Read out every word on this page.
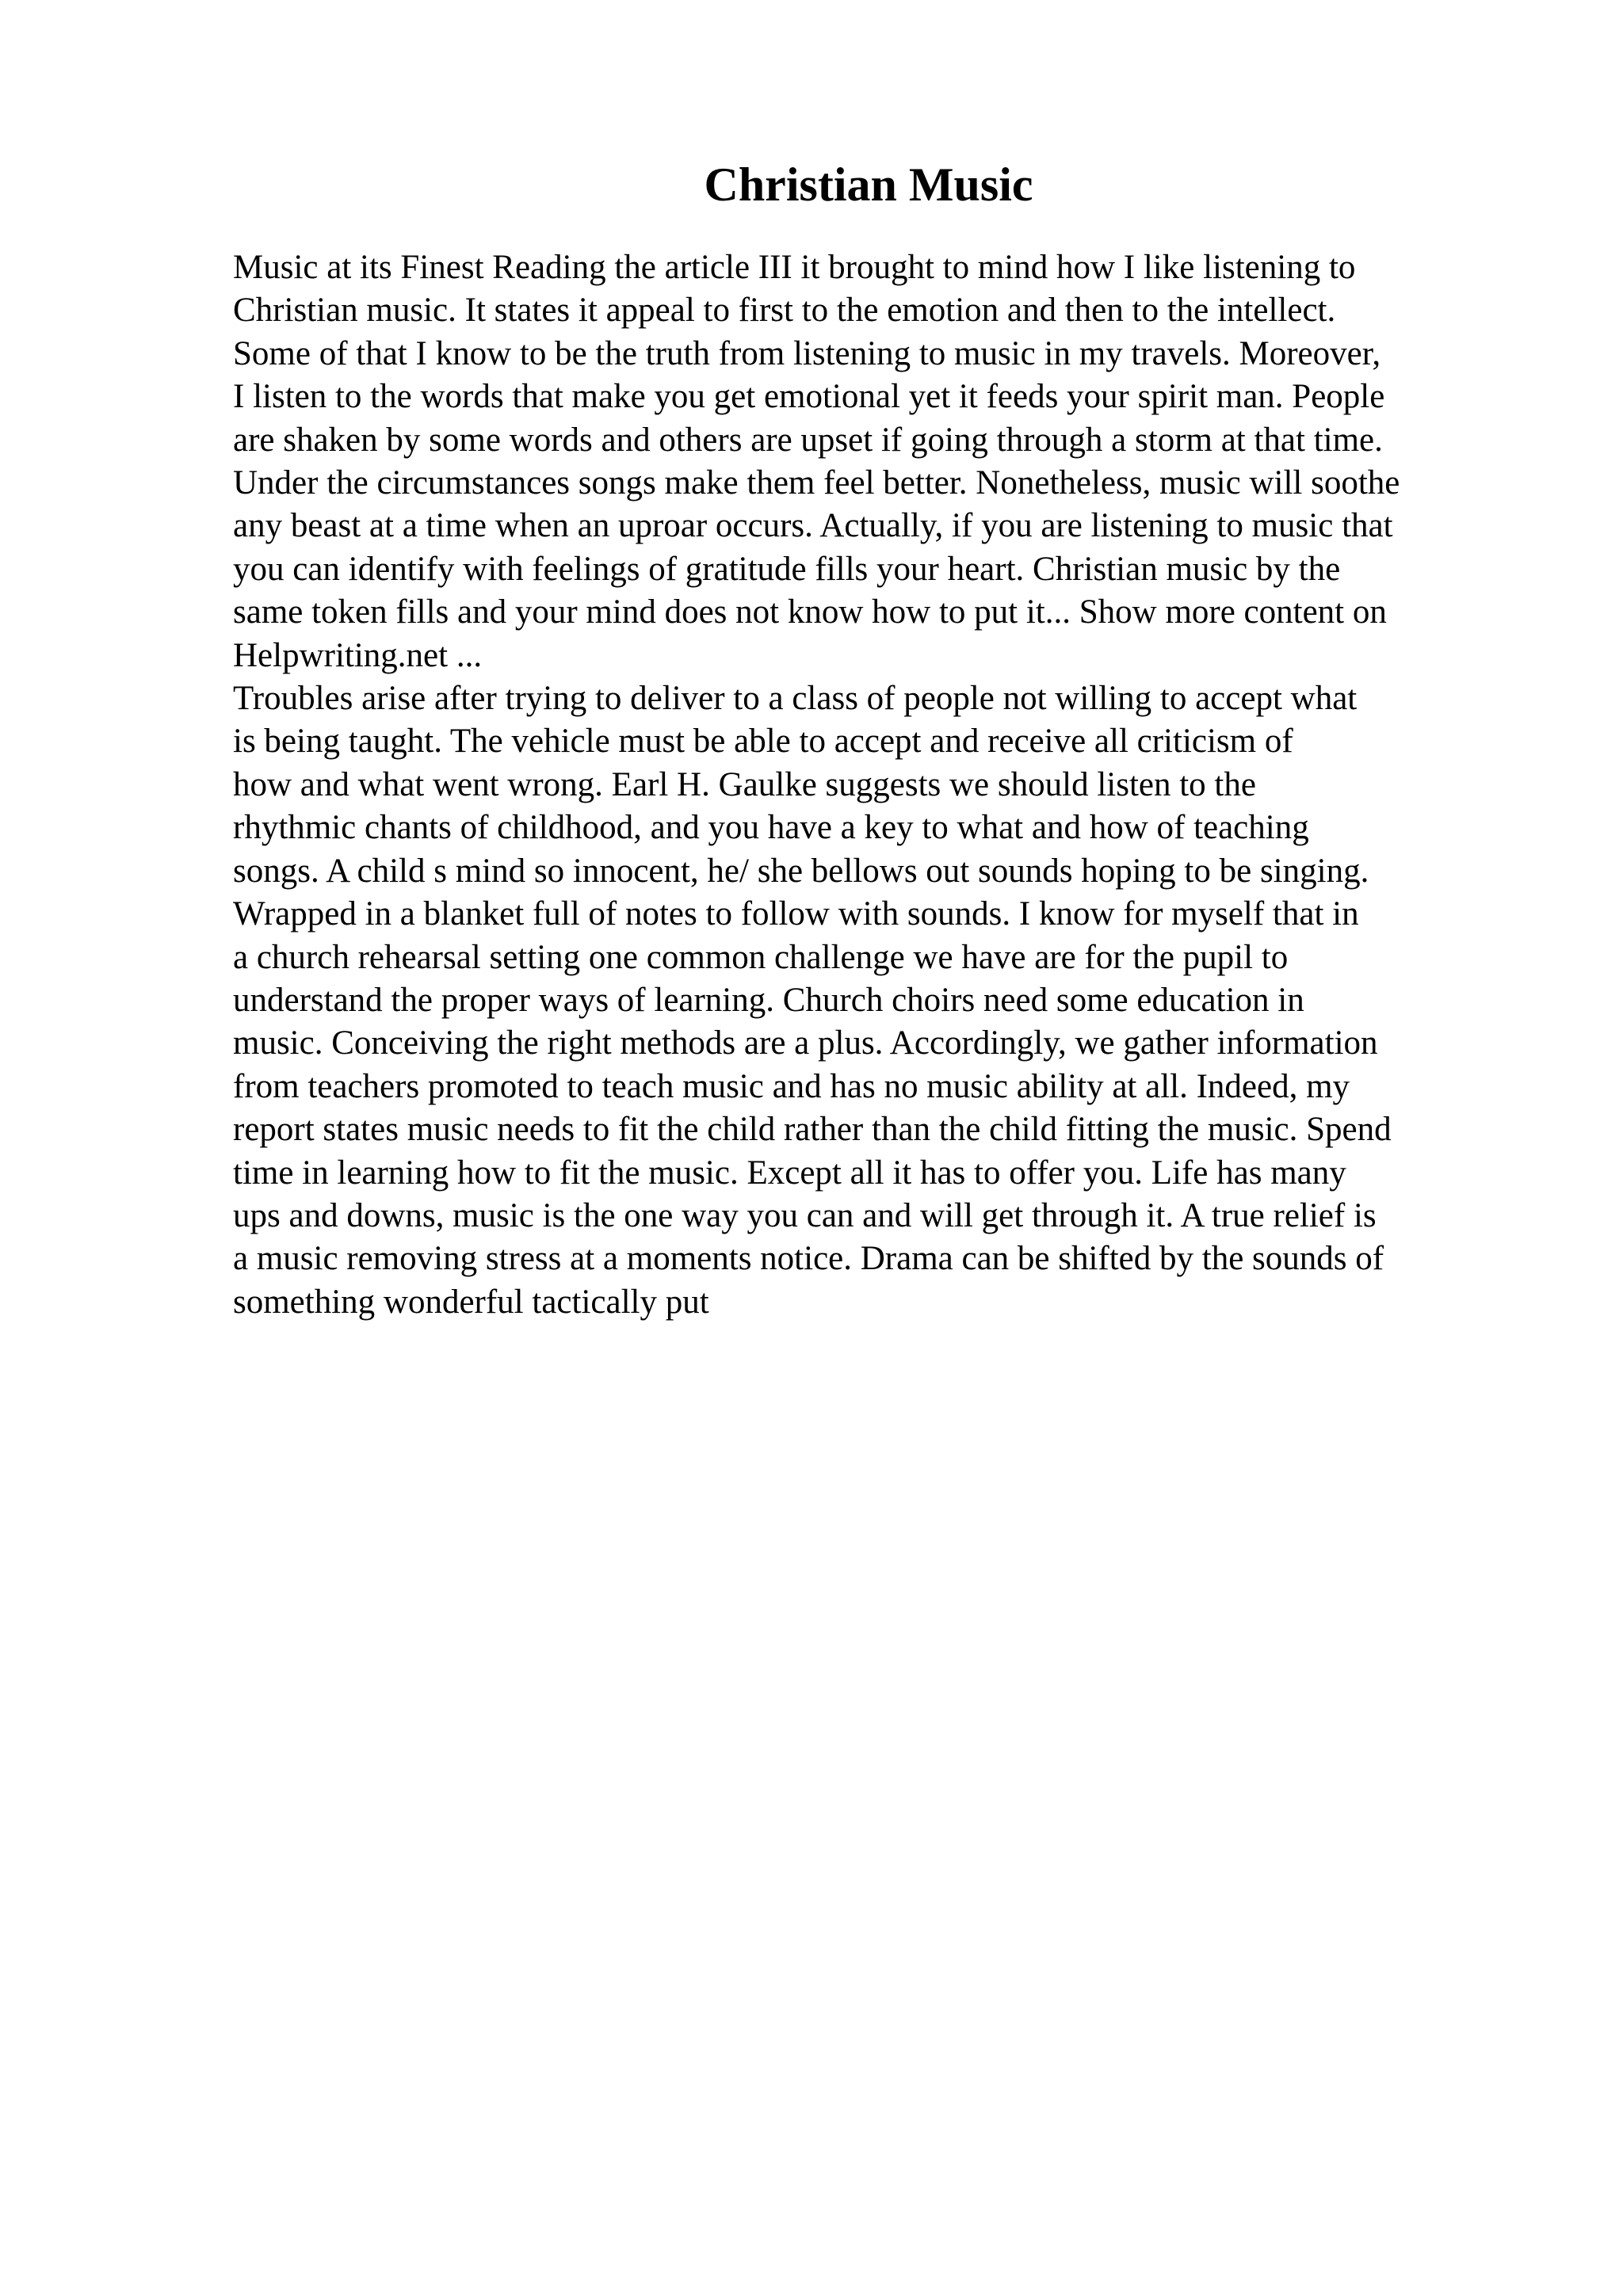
Christian Music
Music at its Finest Reading the article III it brought to mind how I like listening to
Christian music. It states it appeal to first to the emotion and then to the intellect.
Some of that I know to be the truth from listening to music in my travels. Moreover,
I listen to the words that make you get emotional yet it feeds your spirit man. People
are shaken by some words and others are upset if going through a storm at that time.
Under the circumstances songs make them feel better. Nonetheless, music will soothe
any beast at a time when an uproar occurs. Actually, if you are listening to music that
you can identify with feelings of gratitude fills your heart. Christian music by the
same token fills and your mind does not know how to put it... Show more content on
Helpwriting.net ...
Troubles arise after trying to deliver to a class of people not willing to accept what
is being taught. The vehicle must be able to accept and receive all criticism of
how and what went wrong. Earl H. Gaulke suggests we should listen to the
rhythmic chants of childhood, and you have a key to what and how of teaching
songs. A child s mind so innocent, he/ she bellows out sounds hoping to be singing.
Wrapped in a blanket full of notes to follow with sounds. I know for myself that in
a church rehearsal setting one common challenge we have are for the pupil to
understand the proper ways of learning. Church choirs need some education in
music. Conceiving the right methods are a plus. Accordingly, we gather information
from teachers promoted to teach music and has no music ability at all. Indeed, my
report states music needs to fit the child rather than the child fitting the music. Spend
time in learning how to fit the music. Except all it has to offer you. Life has many
ups and downs, music is the one way you can and will get through it. A true relief is
a music removing stress at a moments notice. Drama can be shifted by the sounds of
something wonderful tactically put
